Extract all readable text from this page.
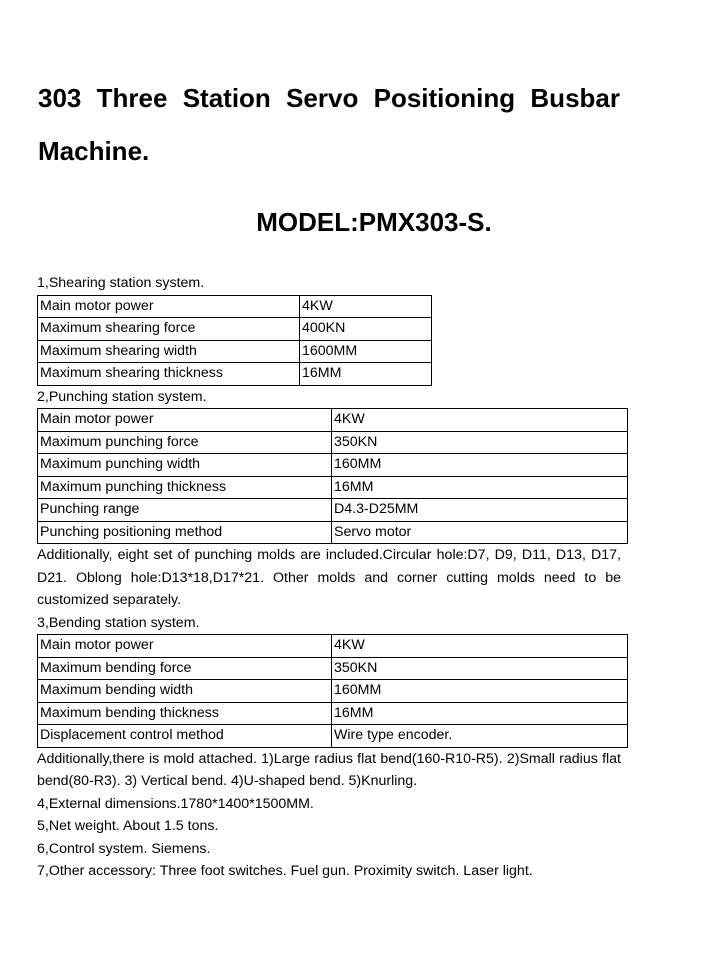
303 Three Station Servo Positioning Busbar Machine.
MODEL:PMX303-S.
1,Shearing station system.
Main motor power	4KW
Maximum shearing force	400KN
Maximum shearing width	1600MM
Maximum shearing thickness	16MM
2,Punching station system.
Main motor power	4KW
Maximum punching force	350KN
Maximum punching width	160MM
Maximum punching thickness	16MM
Punching range	D4.3-D25MM
Punching positioning method	Servo motor
Additionally, eight set of punching molds are included.Circular hole:D7, D9, D11, D13, D17, D21. Oblong hole:D13*18,D17*21. Other molds and corner cutting molds need to be customized separately.
3,Bending station system.
Main motor power	4KW
Maximum bending force	350KN
Maximum bending width	160MM
Maximum bending thickness	16MM
Displacement control method	Wire type encoder.
Additionally,there is mold attached. 1)Large radius flat bend(160-R10-R5). 2)Small radius flat bend(80-R3). 3) Vertical bend. 4)U-shaped bend. 5)Knurling.
4,External dimensions.1780*1400*1500MM.
5,Net weight. About 1.5 tons.
6,Control system. Siemens.
7,Other accessory: Three foot switches. Fuel gun. Proximity switch. Laser light.
